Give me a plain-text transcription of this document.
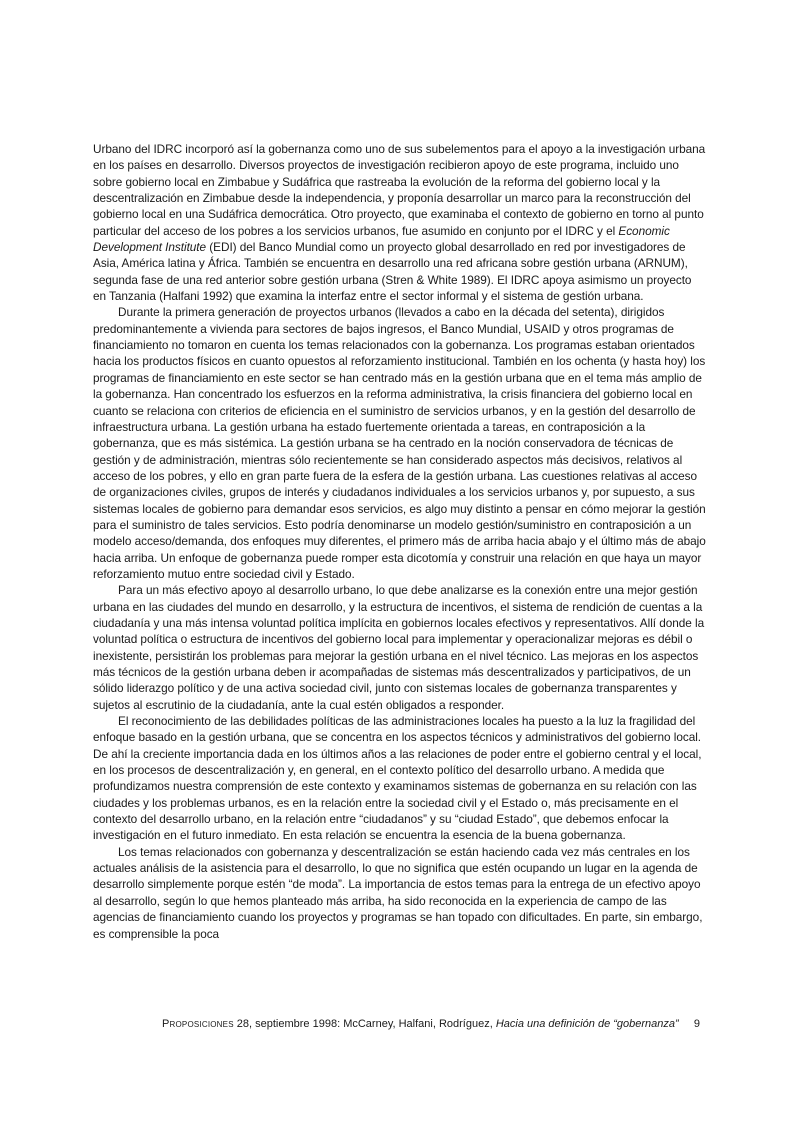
Urbano del IDRC incorporó así la gobernanza como uno de sus subelementos para el apoyo a la investigación urbana en los países en desarrollo. Diversos proyectos de investigación recibieron apoyo de este programa, incluido uno sobre gobierno local en Zimbabue y Sudáfrica que rastreaba la evolución de la reforma del gobierno local y la descentralización en Zimbabue desde la independencia, y proponía desarrollar un marco para la reconstrucción del gobierno local en una Sudáfrica democrática. Otro proyecto, que examinaba el contexto de gobierno en torno al punto particular del acceso de los pobres a los servicios urbanos, fue asumido en conjunto por el IDRC y el Economic Development Institute (EDI) del Banco Mundial como un proyecto global desarrollado en red por investigadores de Asia, América latina y África. También se encuentra en desarrollo una red africana sobre gestión urbana (ARNUM), segunda fase de una red anterior sobre gestión urbana (Stren & White 1989). El IDRC apoya asimismo un proyecto en Tanzania (Halfani 1992) que examina la interfaz entre el sector informal y el sistema de gestión urbana.

Durante la primera generación de proyectos urbanos (llevados a cabo en la década del setenta), dirigidos predominantemente a vivienda para sectores de bajos ingresos, el Banco Mundial, USAID y otros programas de financiamiento no tomaron en cuenta los temas relacionados con la gobernanza. Los programas estaban orientados hacia los productos físicos en cuanto opuestos al reforzamiento institucional. También en los ochenta (y hasta hoy) los programas de financiamiento en este sector se han centrado más en la gestión urbana que en el tema más amplio de la gobernanza. Han concentrado los esfuerzos en la reforma administrativa, la crisis financiera del gobierno local en cuanto se relaciona con criterios de eficiencia en el suministro de servicios urbanos, y en la gestión del desarrollo de infraestructura urbana. La gestión urbana ha estado fuertemente orientada a tareas, en contraposición a la gobernanza, que es más sistémica. La gestión urbana se ha centrado en la noción conservadora de técnicas de gestión y de administración, mientras sólo recientemente se han considerado aspectos más decisivos, relativos al acceso de los pobres, y ello en gran parte fuera de la esfera de la gestión urbana. Las cuestiones relativas al acceso de organizaciones civiles, grupos de interés y ciudadanos individuales a los servicios urbanos y, por supuesto, a sus sistemas locales de gobierno para demandar esos servicios, es algo muy distinto a pensar en cómo mejorar la gestión para el suministro de tales servicios. Esto podría denominarse un modelo gestión/suministro en contraposición a un modelo acceso/demanda, dos enfoques muy diferentes, el primero más de arriba hacia abajo y el último más de abajo hacia arriba. Un enfoque de gobernanza puede romper esta dicotomía y construir una relación en que haya un mayor reforzamiento mutuo entre sociedad civil y Estado.

Para un más efectivo apoyo al desarrollo urbano, lo que debe analizarse es la conexión entre una mejor gestión urbana en las ciudades del mundo en desarrollo, y la estructura de incentivos, el sistema de rendición de cuentas a la ciudadanía y una más intensa voluntad política implícita en gobiernos locales efectivos y representativos. Allí donde la voluntad política o estructura de incentivos del gobierno local para implementar y operacionalizar mejoras es débil o inexistente, persistirán los problemas para mejorar la gestión urbana en el nivel técnico. Las mejoras en los aspectos más técnicos de la gestión urbana deben ir acompañadas de sistemas más descentralizados y participativos, de un sólido liderazgo político y de una activa sociedad civil, junto con sistemas locales de gobernanza transparentes y sujetos al escrutinio de la ciudadanía, ante la cual estén obligados a responder.

El reconocimiento de las debilidades políticas de las administraciones locales ha puesto a la luz la fragilidad del enfoque basado en la gestión urbana, que se concentra en los aspectos técnicos y administrativos del gobierno local. De ahí la creciente importancia dada en los últimos años a las relaciones de poder entre el gobierno central y el local, en los procesos de descentralización y, en general, en el contexto político del desarrollo urbano. A medida que profundizamos nuestra comprensión de este contexto y examinamos sistemas de gobernanza en su relación con las ciudades y los problemas urbanos, es en la relación entre la sociedad civil y el Estado o, más precisamente en el contexto del desarrollo urbano, en la relación entre “ciudadanos” y su “ciudad Estado”, que debemos enfocar la investigación en el futuro inmediato. En esta relación se encuentra la esencia de la buena gobernanza.

Los temas relacionados con gobernanza y descentralización se están haciendo cada vez más centrales en los actuales análisis de la asistencia para el desarrollo, lo que no significa que estén ocupando un lugar en la agenda de desarrollo simplemente porque estén “de moda”. La importancia de estos temas para la entrega de un efectivo apoyo al desarrollo, según lo que hemos planteado más arriba, ha sido reconocida en la experiencia de campo de las agencias de financiamiento cuando los proyectos y programas se han topado con dificultades. En parte, sin embargo, es comprensible la poca

Proposiciones 28, septiembre 1998: McCarney, Halfani, Rodríguez, Hacia una definición de “gobernanza” 9
